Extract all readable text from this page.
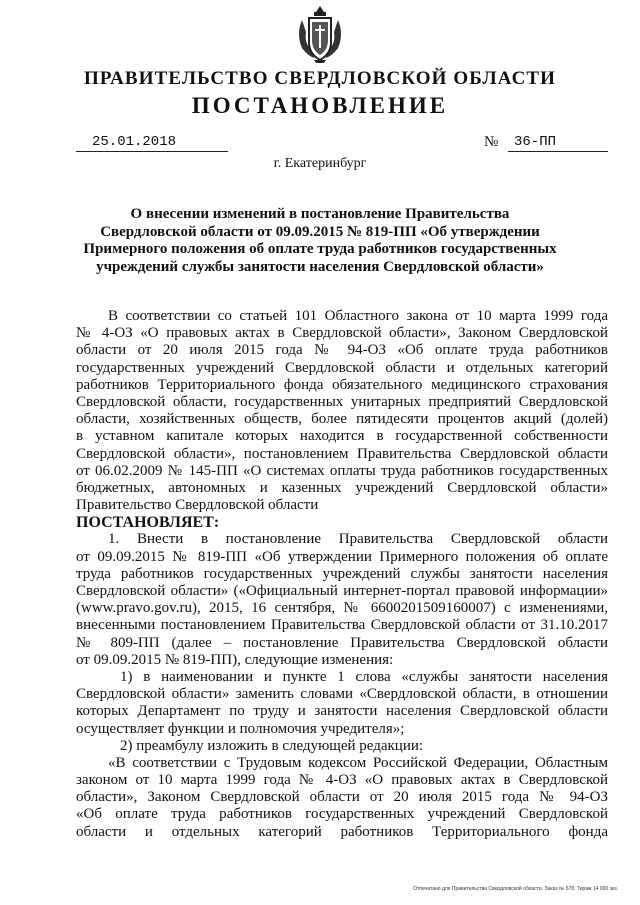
ПРАВИТЕЛЬСТВО СВЕРДЛОВСКОЙ ОБЛАСТИ
ПОСТАНОВЛЕНИЕ
25.01.2018	№	36-ПП
г. Екатеринбург
О внесении изменений в постановление Правительства
Свердловской области от 09.09.2015 № 819-ПП «Об утверждении
Примерного положения об оплате труда работников государственных
учреждений службы занятости населения Свердловской области»
В соответствии со статьей 101 Областного закона от 10 марта 1999 года
№ 4-ОЗ «О правовых актах в Свердловской области», Законом Свердловской
области от 20 июля 2015 года № 94-ОЗ «Об оплате труда работников
государственных учреждений Свердловской области и отдельных категорий
работников Территориального фонда обязательного медицинского страхования
Свердловской области, государственных унитарных предприятий Свердловской
области, хозяйственных обществ, более пятидесяти процентов акций (долей)
в уставном капитале которых находится в государственной собственности
Свердловской области», постановлением Правительства Свердловской области
от 06.02.2009 № 145-ПП «О системах оплаты труда работников государственных
бюджетных, автономных и казенных учреждений Свердловской области»
Правительство Свердловской области
ПОСТАНОВЛЯЕТ:
1. Внести в постановление Правительства Свердловской области
от 09.09.2015 № 819-ПП «Об утверждении Примерного положения об оплате
труда работников государственных учреждений службы занятости населения
Свердловской области» («Официальный интернет-портал правовой информации»
(www.pravo.gov.ru), 2015, 16 сентября, № 6600201509160007) с изменениями,
внесенными постановлением Правительства Свердловской области от 31.10.2017
№ 809-ПП (далее – постановление Правительства Свердловской области
от 09.09.2015 № 819-ПП), следующие изменения:
1) в наименовании и пункте 1 слова «службы занятости населения
Свердловской области» заменить словами «Свердловской области, в отношении
которых Департамент по труду и занятости населения Свердловской области
осуществляет функции и полномочия учредителя»;
2) преамбулу изложить в следующей редакции:
«В соответствии с Трудовым кодексом Российской Федерации, Областным
законом от 10 марта 1999 года № 4-ОЗ «О правовых актах в Свердловской
области», Законом Свердловской области от 20 июля 2015 года № 94-ОЗ
«Об оплате труда работников государственных учреждений Свердловской
области и отдельных категорий работников Территориального фонда
Отпечатано для Правительства Свердловской области. Заказ № 578. Тираж 14 000 экз.
